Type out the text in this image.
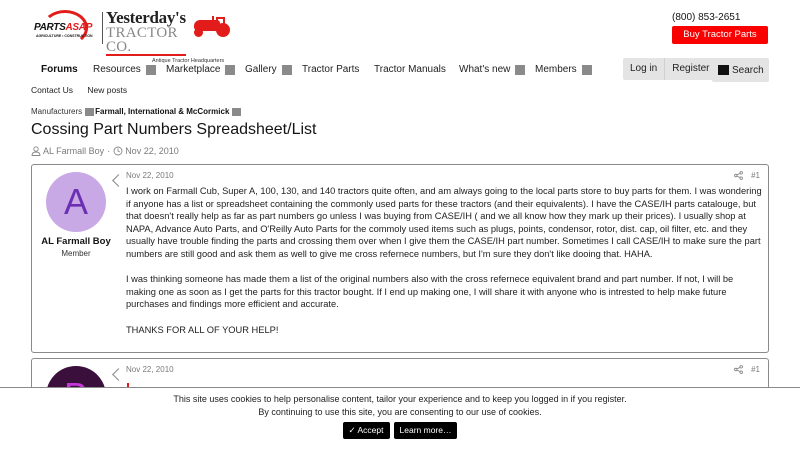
PARTSASAP
AGRICULTURE • CONSTRUCTION
Yesterday's
TRACTOR CO.
Antique Tractor Headquarters
(800) 853-2651
Buy Tractor Parts Here
Forums Resources	Marketplace Gallery	Tractor Parts Tractor Manuals What's new Members	Log in	Register	Search
Contact Us New posts
Manufacturers Farmall, International & McCormick
Cossing Part Numbers Spreadsheet/List
AL Farmall Boy · Nov 22, 2010
A
AL Farmall Boy
Member
Nov 22, 2010	#1

I work on Farmall Cub, Super A, 100, 130, and 140 tractors quite often, and am always going to the local parts store to buy parts for them. I was wondering if anyone has a list or spreadsheet containing the commonly used parts for these tractors (and their equivalents). I have the CASE/IH parts catalouge, but that doesn't really help as far as part numbers go unless I was buying from CASE/IH ( and we all know how they mark up their prices). I usually shop at NAPA, Advance Auto Parts, and O'Reilly Auto Parts for the commoly used items such as plugs, points, condensor, rotor, dist. cap, oil filter, etc. and they usually have trouble finding the parts and crossing them over when I give them the CASE/IH part number. Sometimes I call CASE/IH to make sure the part numbers are still good and ask them as well to give me cross refernece numbers, but I'm sure they don't like dooing that. HAHA.

I was thinking someone has made them a list of the original numbers also with the cross refernece equivalent brand and part number. If not, I will be making one as soon as I get the parts for this tractor bought. If I end up making one, I will share it with anyone who is intrested to help make future purchases and findings more efficient and accurate.

THANKS FOR ALL OF YOUR HELP!

Nov 22, 2010	#1
This site uses cookies to help personalise content, tailor your experience and to keep you logged in if you register.
By continuing to use this site, you are consenting to our use of cookies.
✓ Accept	Learn more…
